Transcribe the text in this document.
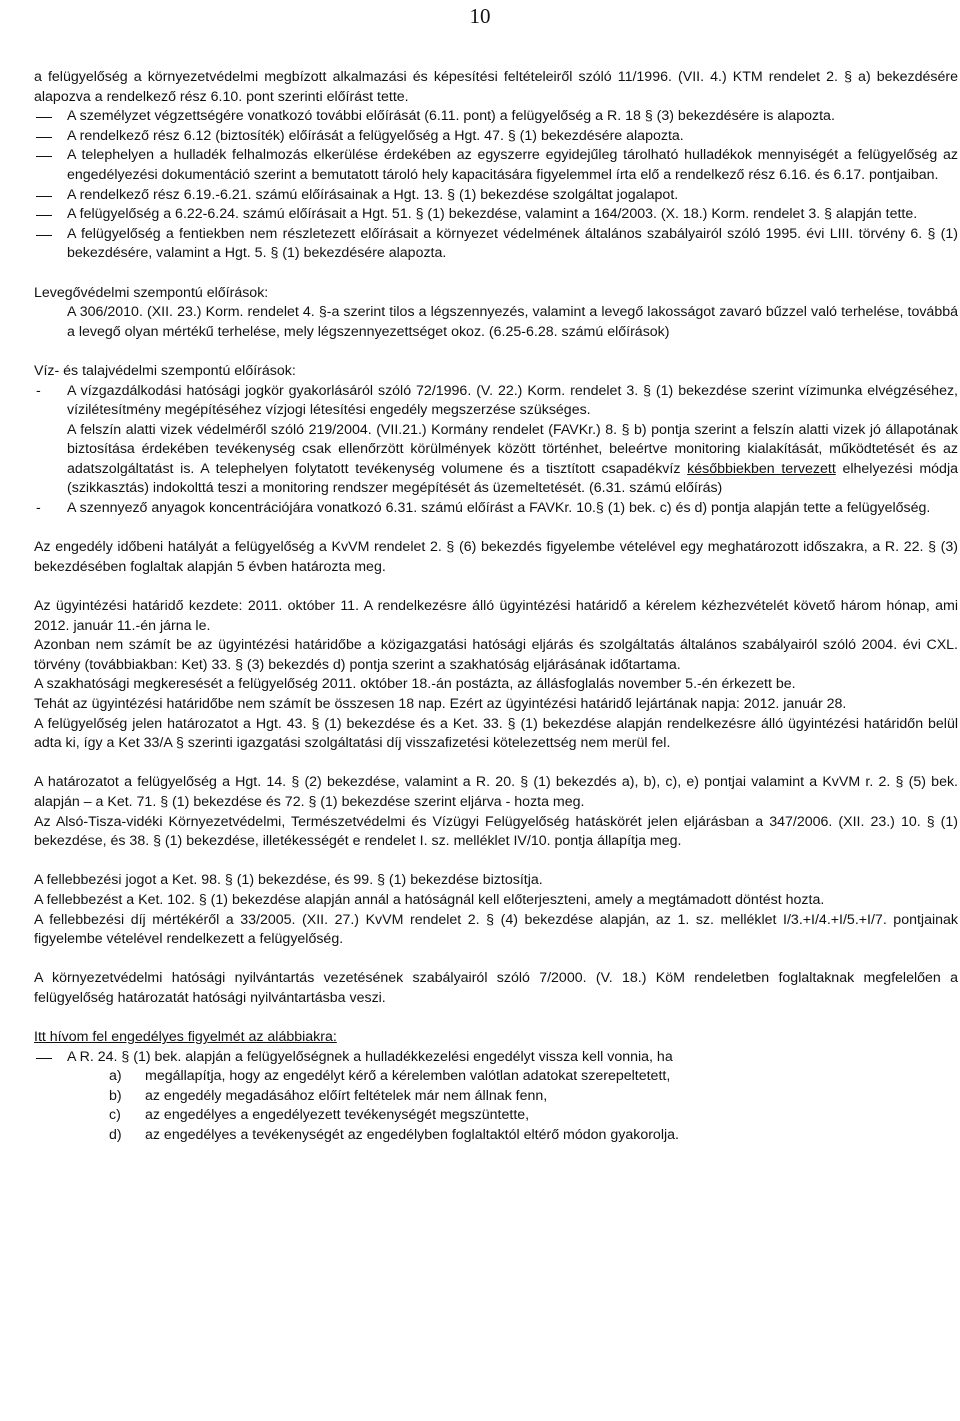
10

a felügyelőség a környezetvédelmi megbízott alkalmazási és képesítési feltételeiről szóló 11/1996. (VII. 4.) KTM rendelet 2. § a) bekezdésére alapozva a rendelkező rész 6.10. pont szerinti előírást tette.

A személyzet végzettségére vonatkozó további előírását (6.11. pont) a felügyelőség a R. 18 § (3) bekezdésére is alapozta.

A rendelkező rész 6.12 (biztosíték) előírását a felügyelőség a Hgt. 47. § (1) bekezdésére alapozta.

A telephelyen a hulladék felhalmozás elkerülése érdekében az egyszerre egyidejűleg tárolható hulladékok mennyiségét a felügyelőség az engedélyezési dokumentáció szerint a bemutatott tároló hely kapacitására figyelemmel írta elő a rendelkező rész 6.16. és 6.17. pontjaiban.

A rendelkező rész 6.19.-6.21. számú előírásainak a Hgt. 13. § (1) bekezdése szolgáltat jogalapot.

A felügyelőség a 6.22-6.24. számú előírásait a Hgt. 51. § (1) bekezdése, valamint a 164/2003. (X. 18.) Korm. rendelet 3. § alapján tette.

A felügyelőség a fentiekben nem részletezett előírásait a környezet védelmének általános szabályairól szóló 1995. évi LIII. törvény 6. § (1) bekezdésére, valamint a Hgt. 5. § (1) bekezdésére alapozta.

Levegővédelmi szempontú előírások:

A 306/2010. (XII. 23.) Korm. rendelet 4. §-a szerint tilos a légszennyezés, valamint a levegő lakosságot zavaró bűzzel való terhelése, továbbá a levegő olyan mértékű terhelése, mely légszennyezettséget okoz. (6.25-6.28. számú előírások)

Víz- és talajvédelmi szempontú előírások:

- A vízgazdálkodási hatósági jogkör gyakorlásáról szóló 72/1996. (V. 22.) Korm. rendelet 3. § (1) bekezdése szerint vízimunka elvégzéséhez, vízilétesítmény megépítéséhez vízjogi létesítési engedély megszerzése szükséges.

A felszín alatti vizek védelméről szóló 219/2004. (VII.21.) Kormány rendelet (FAVKr.) 8. § b) pontja szerint a felszín alatti vizek jó állapotának biztosítása érdekében tevékenység csak ellenőrzött körülmények között történhet, beleértve monitoring kialakítását, működtetését és az adatszolgáltatást is. A telephelyen folytatott tevékenység volumene és a tisztított csapadékvíz későbbiekben tervezett elhelyezési módja (szikkasztás) indokolttá teszi a monitoring rendszer megépítését ás üzemeltetését. (6.31. számú előírás)

- A szennyező anyagok koncentrációjára vonatkozó 6.31. számú előírást a FAVKr. 10.§ (1) bek. c) és d) pontja alapján tette a felügyelőség.

Az engedély időbeni hatályát a felügyelőség a KvVM rendelet 2. § (6) bekezdés figyelembe vételével egy meghatározott időszakra, a R. 22. § (3) bekezdésében foglaltak alapján 5 évben határozta meg.

Az ügyintézési határidő kezdete: 2011. október 11. A rendelkezésre álló ügyintézési határidő a kérelem kézhezvételét követő három hónap, ami 2012. január 11.-én járna le.

Azonban nem számít be az ügyintézési határidőbe a közigazgatási hatósági eljárás és szolgáltatás általános szabályairól szóló 2004. évi CXL. törvény (továbbiakban: Ket) 33. § (3) bekezdés d) pontja szerint a szakhatóság eljárásának időtartama.

A szakhatósági megkeresését a felügyelőség 2011. október 18.-án postázta, az állásfoglalás november 5.-én érkezett be.

Tehát az ügyintézési határidőbe nem számít be összesen 18 nap. Ezért az ügyintézési határidő lejártának napja: 2012. január 28.

A felügyelőség jelen határozatot a Hgt. 43. § (1) bekezdése és a Ket. 33. § (1) bekezdése alapján rendelkezésre álló ügyintézési határidőn belül adta ki, így a Ket 33/A § szerinti igazgatási szolgáltatási díj visszafizetési kötelezettség nem merül fel.

A határozatot a felügyelőség a Hgt. 14. § (2) bekezdése, valamint a R. 20. § (1) bekezdés a), b), c), e) pontjai valamint a KvVM r. 2. § (5) bek. alapján – a Ket. 71. § (1) bekezdése és 72. § (1) bekezdése szerint eljárva - hozta meg.

Az Alsó-Tisza-vidéki Környezetvédelmi, Természetvédelmi és Vízügyi Felügyelőség hatáskörét jelen eljárásban a 347/2006. (XII. 23.) 10. § (1) bekezdése, és 38. § (1) bekezdése, illetékességét e rendelet I. sz. melléklet IV/10. pontja állapítja meg.

A fellebbezési jogot a Ket. 98. § (1) bekezdése, és 99. § (1) bekezdése biztosítja.

A fellebbezést a Ket. 102. § (1) bekezdése alapján annál a hatóságnál kell előterjeszteni, amely a megtámadott döntést hozta.

A fellebbezési díj mértékéről a 33/2005. (XII. 27.) KvVM rendelet 2. § (4) bekezdése alapján, az 1. sz. melléklet I/3.+I/4.+I/5.+I/7. pontjainak figyelembe vételével rendelkezett a felügyelőség.

A környezetvédelmi hatósági nyilvántartás vezetésének szabályairól szóló 7/2000. (V. 18.) KöM rendeletben foglaltaknak megfelelően a felügyelőség határozatát hatósági nyilvántartásba veszi.

Itt hívom fel engedélyes figyelmét az alábbiakra:

A R. 24. § (1) bek. alapján a felügyelőségnek a hulladékkezelési engedélyt vissza kell vonnia, ha

a)	megállapítja, hogy az engedélyt kérő a kérelemben valótlan adatokat szerepeltetett,

b)	az engedély megadásához előírt feltételek már nem állnak fenn,

c)	az engedélyes a engedélyezett tevékenységét megszüntette,

d)	az engedélyes a tevékenységét az engedélyben foglaltaktól eltérő módon gyakorolja.
